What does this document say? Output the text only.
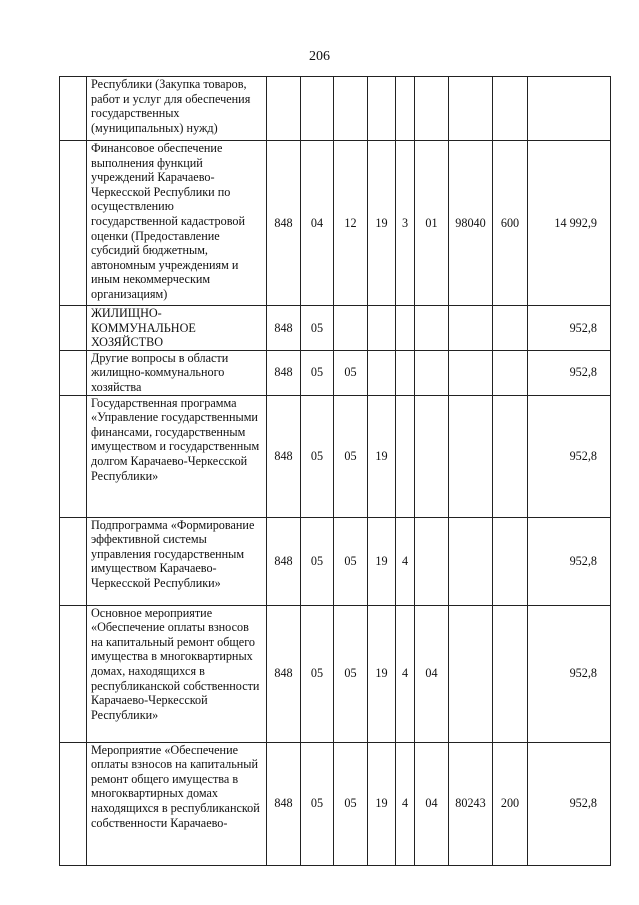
206
	Республики (Закупка товаров, работ и услуг для обеспечения государственных (муниципальных) нужд)									
	Финансовое обеспечение выполнения функций учреждений Карачаево-Черкесской Республики по осуществлению государственной кадастровой оценки (Предоставление субсидий бюджетным, автономным учреждениям и иным некоммерческим организациям)	848	04	12	19	3	01	98040	600	14 992,9
	ЖИЛИЩНО-КОММУНАЛЬНОЕ ХОЗЯЙСТВО	848	05							952,8
	Другие вопросы в области жилищно-коммунального хозяйства	848	05	05						952,8
	Государственная программа «Управление государственными финансами, государственным имуществом и государственным долгом Карачаево-Черкесской Республики»	848	05	05	19					952,8
	Подпрограмма «Формирование эффективной системы управления государственным имуществом Карачаево-Черкесской Республики»	848	05	05	19	4				952,8
	Основное мероприятие «Обеспечение оплаты взносов на капитальный ремонт общего имущества в многоквартирных домах, находящихся в республиканской собственности Карачаево-Черкесской Республики»	848	05	05	19	4	04			952,8
	Мероприятие «Обеспечение оплаты взносов на капитальный ремонт общего имущества в многоквартирных домах находящихся в республиканской собственности Карачаево-	848	05	05	19	4	04	80243	200	952,8
